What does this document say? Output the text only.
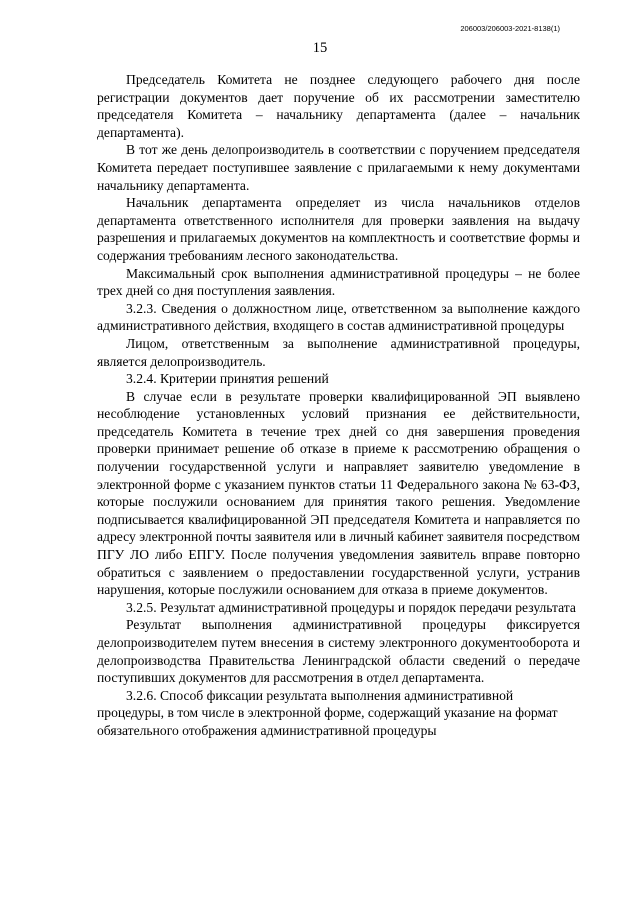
206003/206003-2021-8138(1)
15

Председатель Комитета не позднее следующего рабочего дня после регистрации документов дает поручение об их рассмотрении заместителю председателя Комитета – начальнику департамента (далее – начальник департамента).

В тот же день делопроизводитель в соответствии с поручением председателя Комитета передает поступившее заявление с прилагаемыми к нему документами начальнику департамента.

Начальник департамента определяет из числа начальников отделов департамента ответственного исполнителя для проверки заявления на выдачу разрешения и прилагаемых документов на комплектность и соответствие формы и содержания требованиям лесного законодательства.

Максимальный срок выполнения административной процедуры – не более трех дней со дня поступления заявления.

3.2.3. Сведения о должностном лице, ответственном за выполнение каждого административного действия, входящего в состав административной процедуры

Лицом, ответственным за выполнение административной процедуры, является делопроизводитель.

3.2.4. Критерии принятия решений

В случае если в результате проверки квалифицированной ЭП выявлено несоблюдение установленных условий признания ее действительности, председатель Комитета в течение трех дней со дня завершения проведения проверки принимает решение об отказе в приеме к рассмотрению обращения о получении государственной услуги и направляет заявителю уведомление в электронной форме с указанием пунктов статьи 11 Федерального закона № 63-ФЗ, которые послужили основанием для принятия такого решения. Уведомление подписывается квалифицированной ЭП председателя Комитета и направляется по адресу электронной почты заявителя или в личный кабинет заявителя посредством ПГУ ЛО либо ЕПГУ. После получения уведомления заявитель вправе повторно обратиться с заявлением о предоставлении государственной услуги, устранив нарушения, которые послужили основанием для отказа в приеме документов.

3.2.5. Результат административной процедуры и порядок передачи результата

Результат выполнения административной процедуры фиксируется делопроизводителем путем внесения в систему электронного документооборота и делопроизводства Правительства Ленинградской области сведений о передаче поступивших документов для рассмотрения в отдел департамента.

3.2.6. Способ фиксации результата выполнения административной процедуры, в том числе в электронной форме, содержащий указание на формат обязательного отображения административной процедуры
